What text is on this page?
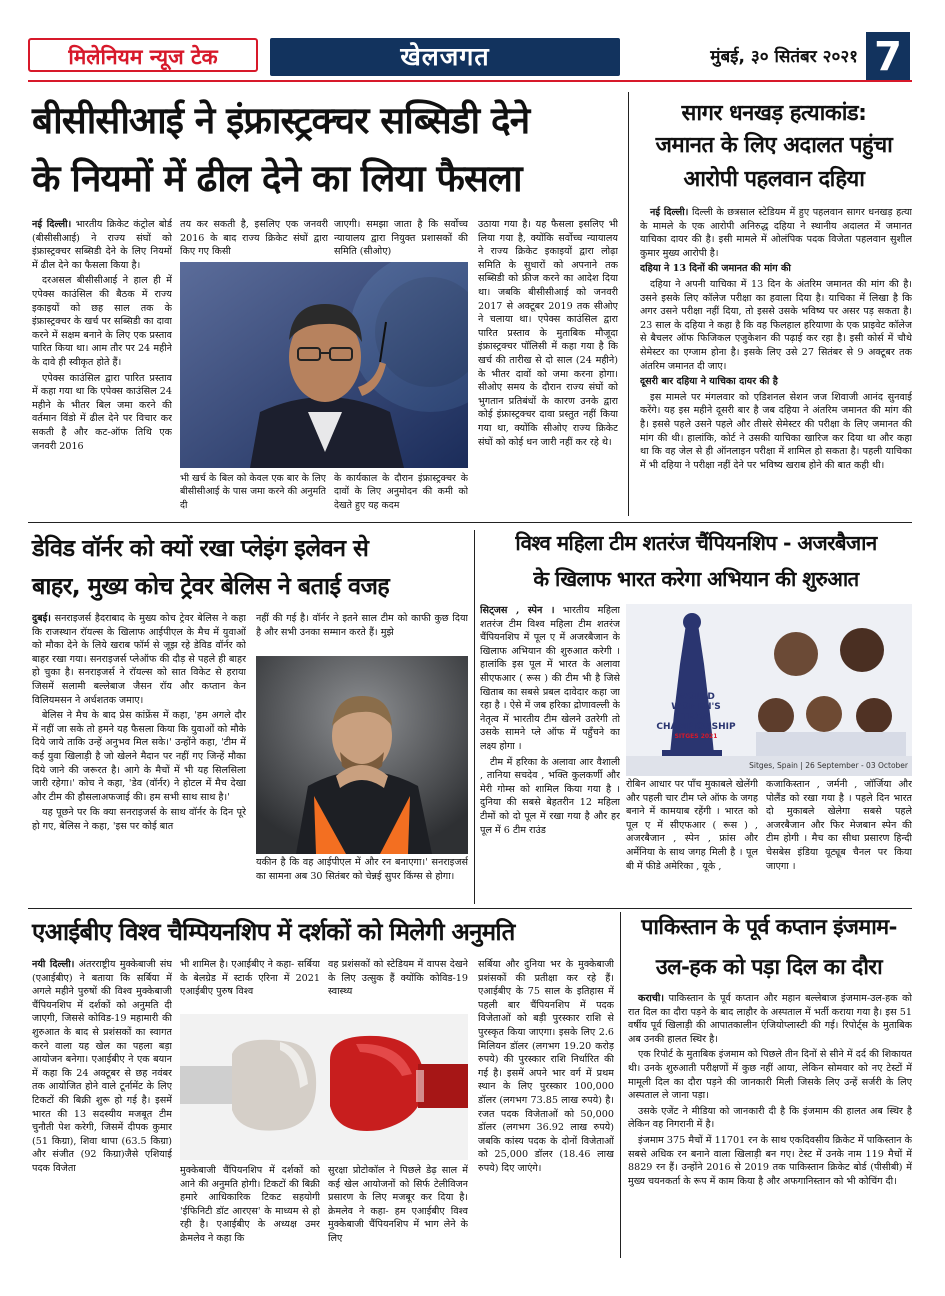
मिलेनियम न्यूज टेक	खेलजगत	मुंबई, ३० सितंबर २०२१ 7
बीसीसीआई ने इंफ्रास्ट्रक्चर सब्सिडी देने
के नियमों में ढील देने का लिया फैसला

नई दिल्ली। भारतीय क्रिकेट कंट्रोल बोर्ड (बीसीसीआई) ने राज्य संघों को इंफ्रास्ट्रक्चर सब्सिडी देने के लिए नियमों में ढील देने का फैसला किया है।

दरअसल बीसीसीआई ने हाल ही में एपेक्स काउंसिल की बैठक में राज्य इकाइयों को छह साल तक के इंफ्रास्ट्रक्चर के खर्च पर सब्सिडी का दावा करने में सक्षम बनाने के लिए एक प्रस्ताव पारित किया था। आम तौर पर 24 महीने के दावे ही स्वीकृत होते हैं।

एपेक्स काउंसिल द्वारा पारित प्रस्ताव में कहा गया था कि एपेक्स काउंसिल 24 महीने के भीतर बिल जमा करने की वर्तमान विंडो में ढील देने पर विचार कर सकती है और कट-ऑफ तिथि एक जनवरी 2016

तय कर सकती है, इसलिए एक जनवरी 2016 के बाद राज्य क्रिकेट संघों द्वारा किए गए किसी
जाएगी। समझा जाता है कि सर्वोच्च न्यायालय द्वारा नियुक्त प्रशासकों की समिति (सीओए)
भी खर्च के बिल को केवल एक बार के लिए बीसीसीआई के पास जमा करने की अनुमति दी
के कार्यकाल के दौरान इंफ्रास्ट्रक्चर के दावों के लिए अनुमोदन की कमी को देखते हुए यह कदम
उठाया गया है। यह फैसला इसलिए भी लिया गया है, क्योंकि सर्वोच्च न्यायालय ने राज्य क्रिकेट इकाइयों द्वारा लोढ़ा समिति के सुधारों को अपनाने तक सब्सिडी को फ्रीज करने का आदेश दिया था। जबकि बीसीसीआई को जनवरी 2017 से अक्टूबर 2019 तक सीओए ने चलाया था। एपेक्स काउंसिल द्वारा पारित प्रस्ताव के मुताबिक मौजूदा इंफ्रास्ट्रक्चर पॉलिसी में कहा गया है कि खर्च की तारीख से दो साल (24 महीने) के भीतर दावों को जमा करना होगा। सीओए समय के दौरान राज्य संघों को भुगतान प्रतिबंधों के कारण उनके द्वारा कोई इंफ्रास्ट्रक्चर दावा प्रस्तुत नहीं किया गया था, क्योंकि सीओए राज्य क्रिकेट संघों को कोई धन जारी नहीं कर रहे थे।
सागर धनखड़ हत्याकांड:
जमानत के लिए अदालत पहुंचा
आरोपी पहलवान दहिया

नई दिल्ली। दिल्ली के छत्रसाल स्टेडियम में हुए पहलवान सागर धनखड़ हत्या के मामले के एक आरोपी अनिरुद्ध दहिया ने स्थानीय अदालत में जमानत याचिका दायर की है। इसी मामले में ओलंपिक पदक विजेता पहलवान सुशील कुमार मुख्य आरोपी है।

दहिया ने 13 दिनों की जमानत की मांग की

दहिया ने अपनी याचिका में 13 दिन के अंतरिम जमानत की मांग की है। उसने इसके लिए कॉलेज परीक्षा का हवाला दिया है। याचिका में लिखा है कि अगर उसने परीक्षा नहीं दिया, तो इससे उसके भविष्य पर असर पड़ सकता है। 23 साल के दहिया ने कहा है कि वह फिलहाल हरियाणा के एक प्राइवेट कॉलेज से बैचलर ऑफ फिजिकल एजुकेशन की पढ़ाई कर रहा है। इसी कोर्स में चौथे सेमेस्टर का एग्जाम होना है। इसके लिए उसे 27 सितंबर से 9 अक्टूबर तक अंतरिम जमानत दी जाए।

दूसरी बार दहिया ने याचिका दायर की है

इस मामले पर मंगलवार को एडिशनल सेशन जज शिवाजी आनंद सुनवाई करेंगे। यह इस महीने दूसरी बार है जब दहिया ने अंतरिम जमानत की मांग की है। इससे पहले उसने पहले और तीसरे सेमेस्टर की परीक्षा के लिए जमानत की मांग की थी। हालांकि, कोर्ट ने उसकी याचिका खारिज कर दिया था और कहा था कि वह जेल से ही ऑनलाइन परीक्षा में शामिल हो सकता है। पहली याचिका में भी दहिया ने परीक्षा नहीं देने पर भविष्य खराब होने की बात कही थी।

डेविड वॉर्नर को क्यों रखा प्लेइंग इलेवन से
बाहर, मुख्य कोच ट्रेवर बेलिस ने बताई वजह

दुबई। सनराइजर्स हैदराबाद के मुख्य कोच ट्रेवर बेलिस ने कहा कि राजस्थान रॉयल्स के खिलाफ आईपीएल के मैच में युवाओं को मौका देने के लिये खराब फॉर्म से जूझ रहे डेविड वॉर्नर को बाहर रखा गया। सनराइजर्स प्लेऑफ की दौड़ से पहले ही बाहर हो चुका है। सनराइजर्स ने रॉयल्स को सात विकेट से हराया जिसमें सलामी बल्लेबाज जैसन रॉय और कप्तान केन विलियमसन ने अर्धशतक जमाए।

बेलिस ने मैच के बाद प्रेस कांफ्रेंस में कहा, 'हम अगले दौर में नहीं जा सके तो हमने यह फैसला किया कि युवाओं को मौके दिये जाये ताकि उन्हें अनुभव मिल सके।' उन्होंने कहा, 'टीम में कई युवा खिलाड़ी है जो खेलने मैदान पर नहीं गए जिन्हें मौका दिये जाने की जरूरत है। आगे के मैचों में भी यह सिलसिला जारी रहेगा।' कोच ने कहा, 'डेव (वॉर्नर) ने होटल में मैच देखा और टीम की हौसलाअफजाई की। हम सभी साथ साथ है।'

यह पूछने पर कि क्या सनराइजर्स के साथ वॉर्नर के दिन पूरे हो गए, बेलिस ने कहा, 'इस पर कोई बात

नहीं की गई है। वॉर्नर ने इतने साल टीम को काफी कुछ दिया है और सभी उनका सम्मान करते हैं। मुझे
यकीन है कि वह आईपीएल में और रन बनाएगा।' सनराइजर्स का सामना अब 30 सितंबर को चेन्नई सुपर किंग्स से होगा।
विश्व महिला टीम शतरंज चैंपियनशिप - अजरबैजान
के खिलाफ भारत करेगा अभियान की शुरुआत

सिट्जस , स्पेन । भारतीय महिला शतरंज टीम विश्व महिला टीम शतरंज चैंपियनशिप में पूल ए में अजरबैजान के खिलाफ अभियान की शुरुआत करेगी । हालांकि इस पूल में भारत के अलावा सीएफआर ( रूस ) की टीम भी है जिसे खिताब का सबसे प्रबल दावेदार कहा जा रहा है । ऐसे में जब हरिका द्रोणावल्ली के नेतृत्व में भारतीय टीम खेलने उतरेगी तो उसके सामने प्ले ऑफ में पहुँचने का लक्ष्य होगा ।

टीम में हरिका के अलावा आर वैशाली , तानिया सचदेव , भक्ति कुलकर्णी और मेरी गोम्स को शामिल किया गया है । दुनिया की सबसे बेहतरीन 12 महिला टीमों को दो पूल में रखा गया है और हर पूल में 6 टीम राउंड

WORLD
WOMEN'S
TEAM
CHAMPIONSHIP
SITGES 2021
Sitges, Spain | 26 September - 03 October
रोबिन आधार पर पाँच मुकाबले खेलेंगी और पहली चार टीम प्ले ऑफ के जगह बनाने में कामयाब रहेंगी । भारत को पूल ए में सीएफआर ( रूस ) , अजरबैजान , स्पेन , फ्रांस और अर्मेनिया के साथ जगह मिली है । पूल बी में फीडे अमेरिका , यूके ,
कजाकिस्तान , जर्मनी , जॉर्जिया और पोलैंड को रखा गया है । पहले दिन भारत दो मुकाबले खेलेगा सबसे पहले अजरबैजान और फिर मेजबान स्पेन की टीम होगी । मैच का सीधा प्रसारण हिन्दी चेसबेस इंडिया यूट्यूब चैनल पर किया जाएगा ।
एआईबीए विश्व चैम्पियनशिप में दर्शकों को मिलेगी अनुमति

नयी दिल्ली। अंतरराष्ट्रीय मुक्केबाजी संघ (एआईबीए) ने बताया कि सर्बिया में अगले महीने पुरुषों की विश्व मुक्केबाजी चैंपियनशिप में दर्शकों को अनुमति दी जाएगी, जिससे कोविड-19 महामारी की शुरुआत के बाद से प्रशंसकों का स्वागत करने वाला यह खेल का पहला बड़ा आयोजन बनेगा। एआईबीए ने एक बयान में कहा कि 24 अक्टूबर से छह नवंबर तक आयोजित होने वाले टूर्नामेंट के लिए टिकटों की बिक्री शुरू हो गई है। इसमें भारत की 13 सदस्यीय मजबूत टीम चुनौती पेश करेगी, जिसमें दीपक कुमार (51 किग्रा), शिवा थापा (63.5 किग्रा) और संजीत (92 किग्रा)जैसे एशियाई पदक विजेता

भी शामिल है। एआईबीए ने कहा- सर्बिया के बेलग्रेड में स्टार्क एरिना में 2021 एआईबीए पुरुष विश्व
वह प्रशंसकों को स्टेडियम में वापस देखने के लिए उत्सुक हैं क्योंकि कोविड-19 स्वास्थ्य
मुक्केबाजी चैंपियनशिप में दर्शकों को आने की अनुमति होगी। टिकटों की बिक्री हमारे आधिकारिक टिकट सहयोगी 'ईफिनिटी डॉट आरएस' के माध्यम से हो रही है। एआईबीए के अध्यक्ष उमर क्रेमलेव ने कहा कि
सुरक्षा प्रोटोकॉल ने पिछले डेढ़ साल में कई खेल आयोजनों को सिर्फ टेलीविजन प्रसारण के लिए मजबूर कर दिया है। क्रेमलेव ने कहा- हम एआईबीए विश्व मुक्केबाजी चैंपियनशिप में भाग लेने के लिए
सर्बिया और दुनिया भर के मुक्केबाजी प्रशंसकों की प्रतीक्षा कर रहे हैं। एआईबीए के 75 साल के इतिहास में पहली बार चैंपियनशिप में पदक विजेताओं को बड़ी पुरस्कार राशि से पुरस्कृत किया जाएगा। इसके लिए 2.6 मिलियन डॉलर (लगभग 19.20 करोड़ रुपये) की पुरस्कार राशि निर्धारित की गई है। इसमें अपने भार वर्ग में प्रथम स्थान के लिए पुरस्कार 100,000 डॉलर (लगभग 73.85 लाख रुपये) है। रजत पदक विजेताओं को 50,000 डॉलर (लगभग 36.92 लाख रुपये) जबकि कांस्य पदक के दोनों विजेताओं को 25,000 डॉलर (18.46 लाख रुपये) दिए जाएंगे।
पाकिस्तान के पूर्व कप्तान इंजमाम-
उल-हक को पड़ा दिल का दौरा

कराची। पाकिस्तान के पूर्व कप्तान और महान बल्लेबाज इंजमाम-उल-हक को रात दिल का दौरा पड़ने के बाद लाहौर के अस्पताल में भर्ती कराया गया है। इस 51 वर्षीय पूर्व खिलाड़ी की आपातकालीन एंजियोप्लास्टी की गई। रिपोर्ट्स के मुताबिक अब उनकी हालत स्थिर है।

एक रिपोर्ट के मुताबिक इंजमाम को पिछले तीन दिनों से सीने में दर्द की शिकायत थी। उनके शुरुआती परीक्षणों में कुछ नहीं आया, लेकिन सोमवार को नए टेस्टों में मामूली दिल का दौरा पड़ने की जानकारी मिली जिसके लिए उन्हें सर्जरी के लिए अस्पताल ले जाना पड़ा।

उसके एजेंट ने मीडिया को जानकारी दी है कि इंजमाम की हालत अब स्थिर है लेकिन वह निगरानी में है।

इंजमाम 375 मैचों में 11701 रन के साथ एकदिवसीय क्रिकेट में पाकिस्तान के सबसे अधिक रन बनाने वाला खिलाड़ी बन गए। टेस्ट में उनके नाम 119 मैचों में 8829 रन हैं। उन्होंने 2016 से 2019 तक पाकिस्तान क्रिकेट बोर्ड (पीसीबी) में मुख्य चयनकर्ता के रूप में काम किया है और अफगानिस्तान को भी कोचिंग दी।
